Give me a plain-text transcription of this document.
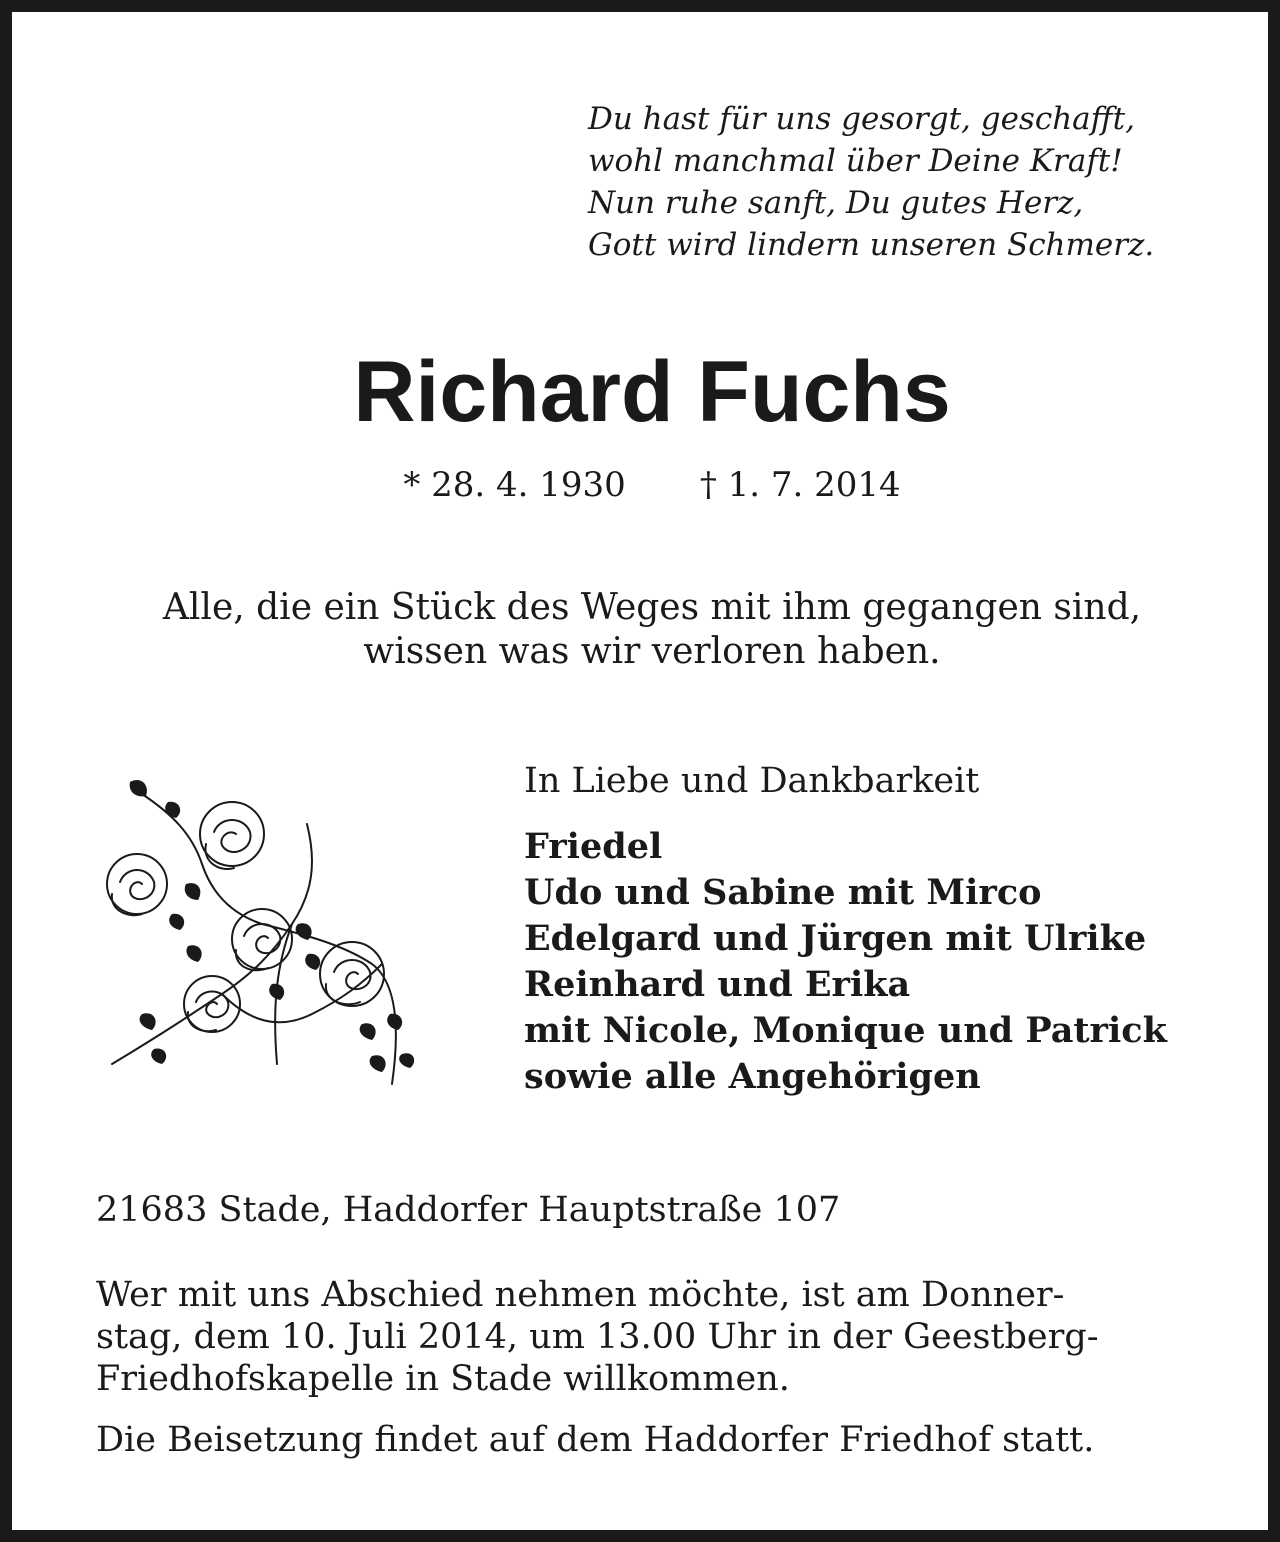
Du hast für uns gesorgt, geschafft,
wohl manchmal über Deine Kraft!
Nun ruhe sanft, Du gutes Herz,
Gott wird lindern unseren Schmerz.
Richard Fuchs
* 28. 4. 1930 † 1. 7. 2014
Alle, die ein Stück des Weges mit ihm gegangen sind,
wissen was wir verloren haben.
In Liebe und Dankbarkeit
Friedel
Udo und Sabine mit Mirco
Edelgard und Jürgen mit Ulrike
Reinhard und Erika
mit Nicole, Monique und Patrick
sowie alle Angehörigen
21683 Stade, Haddorfer Hauptstraße 107
Wer mit uns Abschied nehmen möchte, ist am Donner-
stag, dem 10. Juli 2014, um 13.00 Uhr in der Geestberg-
Friedhofskapelle in Stade willkommen.
Die Beisetzung findet auf dem Haddorfer Friedhof statt.
